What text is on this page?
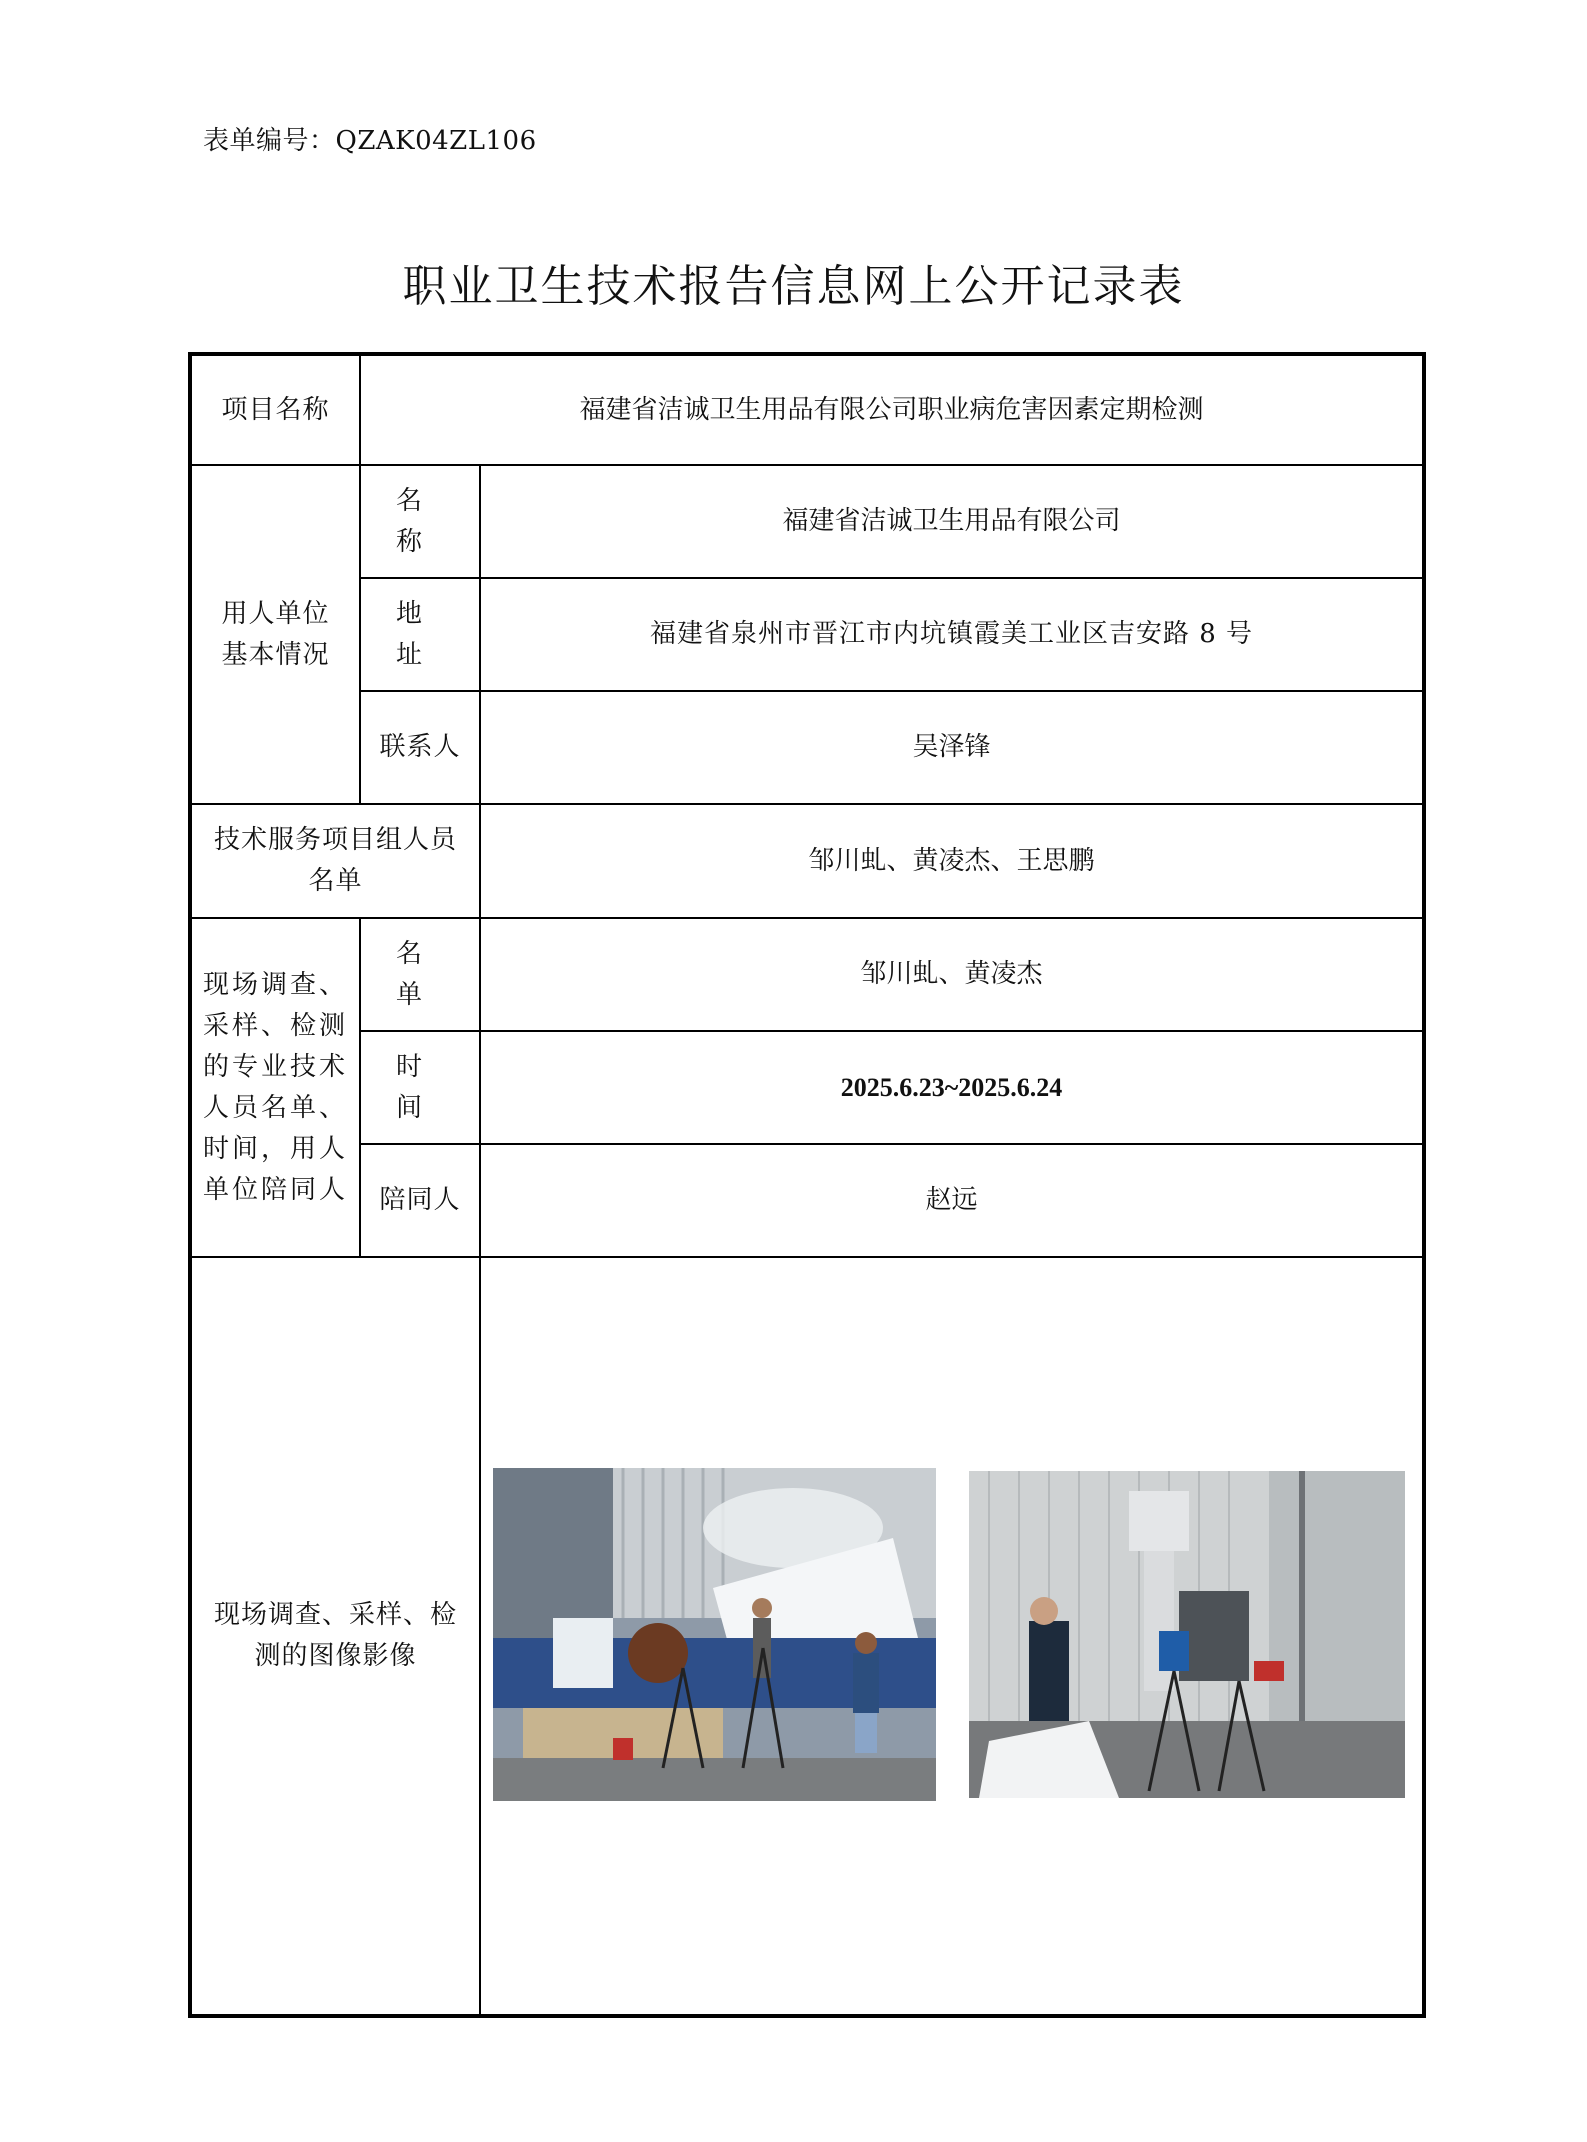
表单编号：QZAK04ZL106
职业卫生技术报告信息网上公开记录表
项目名称	福建省洁诚卫生用品有限公司职业病危害因素定期检测	
用人单位基本情况	名 称	福建省洁诚卫生用品有限公司
	地 址	福建省泉州市晋江市内坑镇霞美工业区吉安路 8 号
	联系人	吴泽锋
技术服务项目组人员名单		邹川虬、黄凌杰、王思鹏
现场调查、采样、检测的专业技术人员名单、时间，用人单位陪同人	名 单	邹川虬、黄凌杰
	时 间	2025.6.23~2025.6.24
	陪同人	赵远
现场调查、采样、检测的图像影像	
